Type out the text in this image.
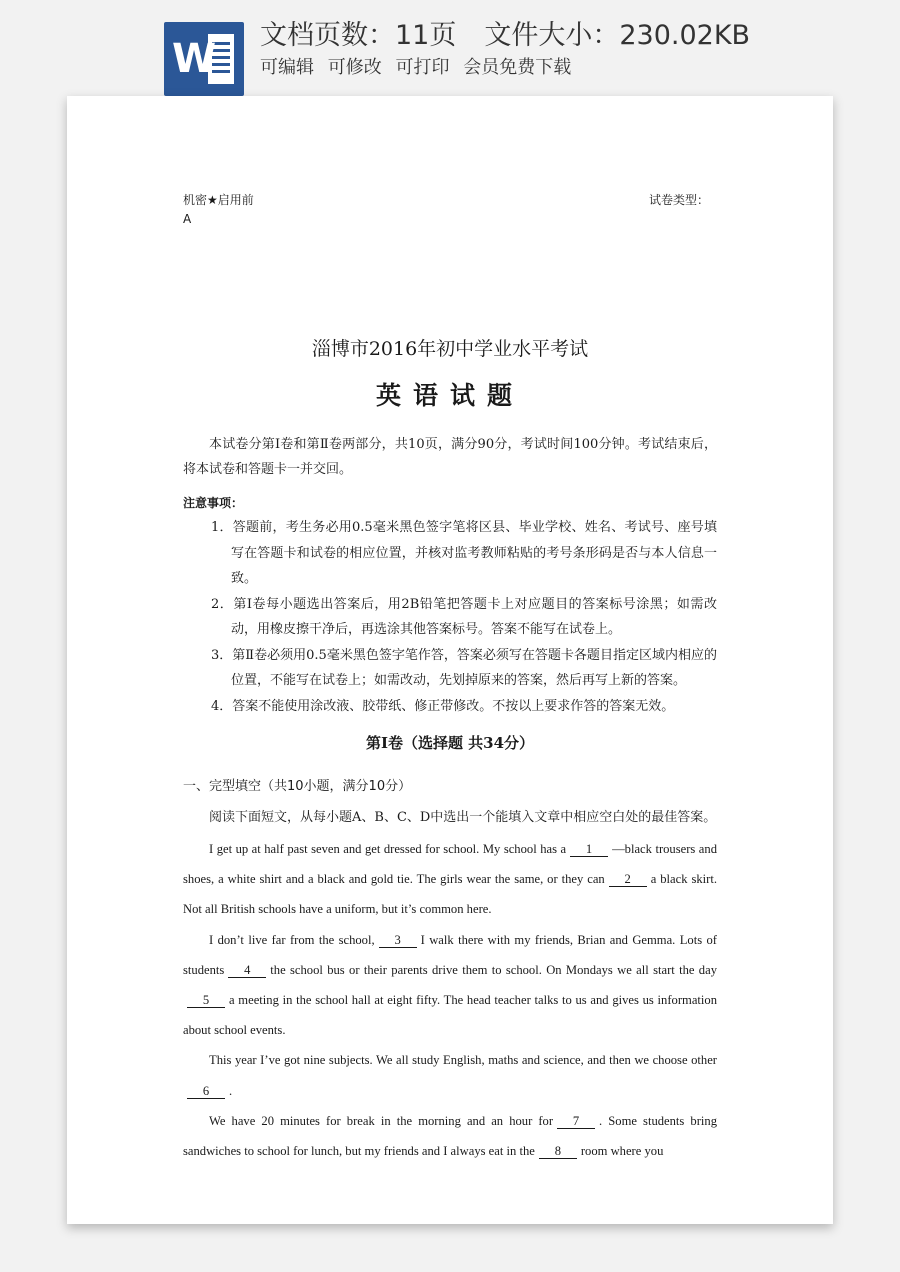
W
文档页数：11页 文件大小：230.02KB
可编辑 可修改 可打印 会员免费下载
机密★启用前	试卷类型：
A
淄博市2016年初中学业水平考试
英语试题
本试卷分第Ⅰ卷和第Ⅱ卷两部分，共10页，满分90分，考试时间100分钟。考试结束后，将本试卷和答题卡一并交回。
注意事项：
1．答题前，考生务必用0.5毫米黑色签字笔将区县、毕业学校、姓名、考试号、座号填写在答题卡和试卷的相应位置，并核对监考教师粘贴的考号条形码是否与本人信息一致。
2．第Ⅰ卷每小题选出答案后，用2B铅笔把答题卡上对应题目的答案标号涂黑；如需改动，用橡皮擦干净后，再选涂其他答案标号。答案不能写在试卷上。
3．第Ⅱ卷必须用0.5毫米黑色签字笔作答，答案必须写在答题卡各题目指定区域内相应的位置，不能写在试卷上；如需改动，先划掉原来的答案，然后再写上新的答案。
4．答案不能使用涂改液、胶带纸、修正带修改。不按以上要求作答的答案无效。
第Ⅰ卷（选择题 共34分）
一、完型填空（共10小题，满分10分）
阅读下面短文，从每小题A、B、C、D中选出一个能填入文章中相应空白处的最佳答案。

I get up at half past seven and get dressed for school. My school has a 1 —black trousers and shoes, a white shirt and a black and gold tie. The girls wear the same, or they can 2 a black skirt. Not all British schools have a uniform, but it’s common here.

I don’t live far from the school, 3 I walk there with my friends, Brian and Gemma. Lots of students 4 the school bus or their parents drive them to school. On Mondays we all start the day5 a meeting in the school hall at eight fifty. The head teacher talks to us and gives us information about school events.

This year I’ve got nine subjects. We all study English, maths and science, and then we choose other6 .

We have 20 minutes for break in the morning and an hour for 7 . Some students bring sandwiches to school for lunch, but my friends and I always eat in the 8 room where you
